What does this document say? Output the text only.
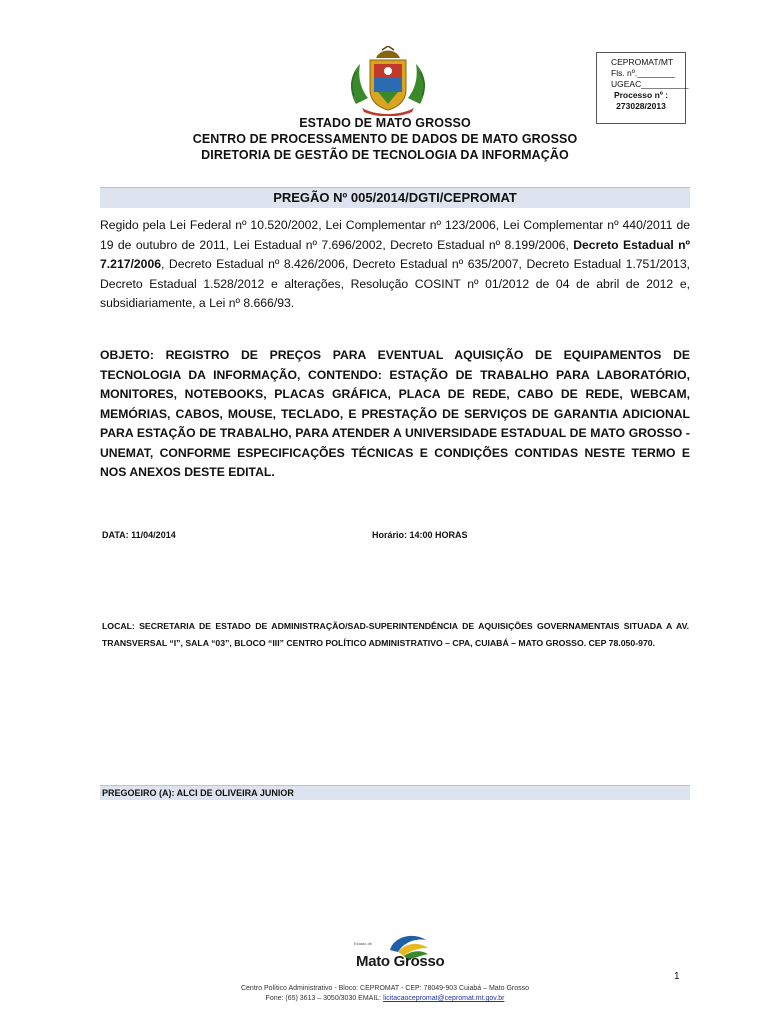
CEPROMAT/MT
Fls. nº.________
UGEAC__________

Processo nº :
273028/2013
ESTADO DE MATO GROSSO
CENTRO DE PROCESSAMENTO DE DADOS DE MATO GROSSO
DIRETORIA DE GESTÃO DE TECNOLOGIA DA INFORMAÇÃO
PREGÃO Nº 005/2014/DGTI/CEPROMAT
Regido pela Lei Federal nº 10.520/2002, Lei Complementar nº 123/2006, Lei Complementar nº 440/2011 de 19 de outubro de 2011, Lei Estadual nº 7.696/2002, Decreto Estadual nº 8.199/2006, Decreto Estadual nº 7.217/2006, Decreto Estadual nº 8.426/2006, Decreto Estadual nº 635/2007, Decreto Estadual 1.751/2013, Decreto Estadual 1.528/2012 e alterações, Resolução COSINT nº 01/2012 de 04 de abril de 2012 e, subsidiariamente, a Lei nº 8.666/93.
OBJETO: REGISTRO DE PREÇOS PARA EVENTUAL AQUISIÇÃO DE EQUIPAMENTOS DE TECNOLOGIA DA INFORMAÇÃO, CONTENDO: ESTAÇÃO DE TRABALHO PARA LABORATÓRIO, MONITORES, NOTEBOOKS, PLACAS GRÁFICA, PLACA DE REDE, CABO DE REDE, WEBCAM, MEMÓRIAS, CABOS, MOUSE, TECLADO, E PRESTAÇÃO DE SERVIÇOS DE GARANTIA ADICIONAL PARA ESTAÇÃO DE TRABALHO, PARA ATENDER A UNIVERSIDADE ESTADUAL DE MATO GROSSO - UNEMAT, CONFORME ESPECIFICAÇÕES TÉCNICAS E CONDIÇÕES CONTIDAS NESTE TERMO E NOS ANEXOS DESTE EDITAL.
DATA: 11/04/2014	Horário: 14:00 HORAS
LOCAL: SECRETARIA DE ESTADO DE ADMINISTRAÇÃO/SAD-SUPERINTENDÊNCIA DE AQUISIÇÕES GOVERNAMENTAIS SITUADA A AV. TRANSVERSAL “I”, SALA “03”, BLOCO “III” CENTRO POLÍTICO ADMINISTRATIVO – CPA, CUIABÁ – MATO GROSSO. CEP 78.050-970.
PREGOEIRO (A): ALCI DE OLIVEIRA JUNIOR
Estado de
Mato Grosso
1
Centro Político Administrativo - Bloco: CEPROMAT - CEP: 78049-903 Cuiabá – Mato Grosso
Fone: (65) 3613 – 3050/3030 EMAIL: licitacaocepromat@cepromat.mt.gov.br
